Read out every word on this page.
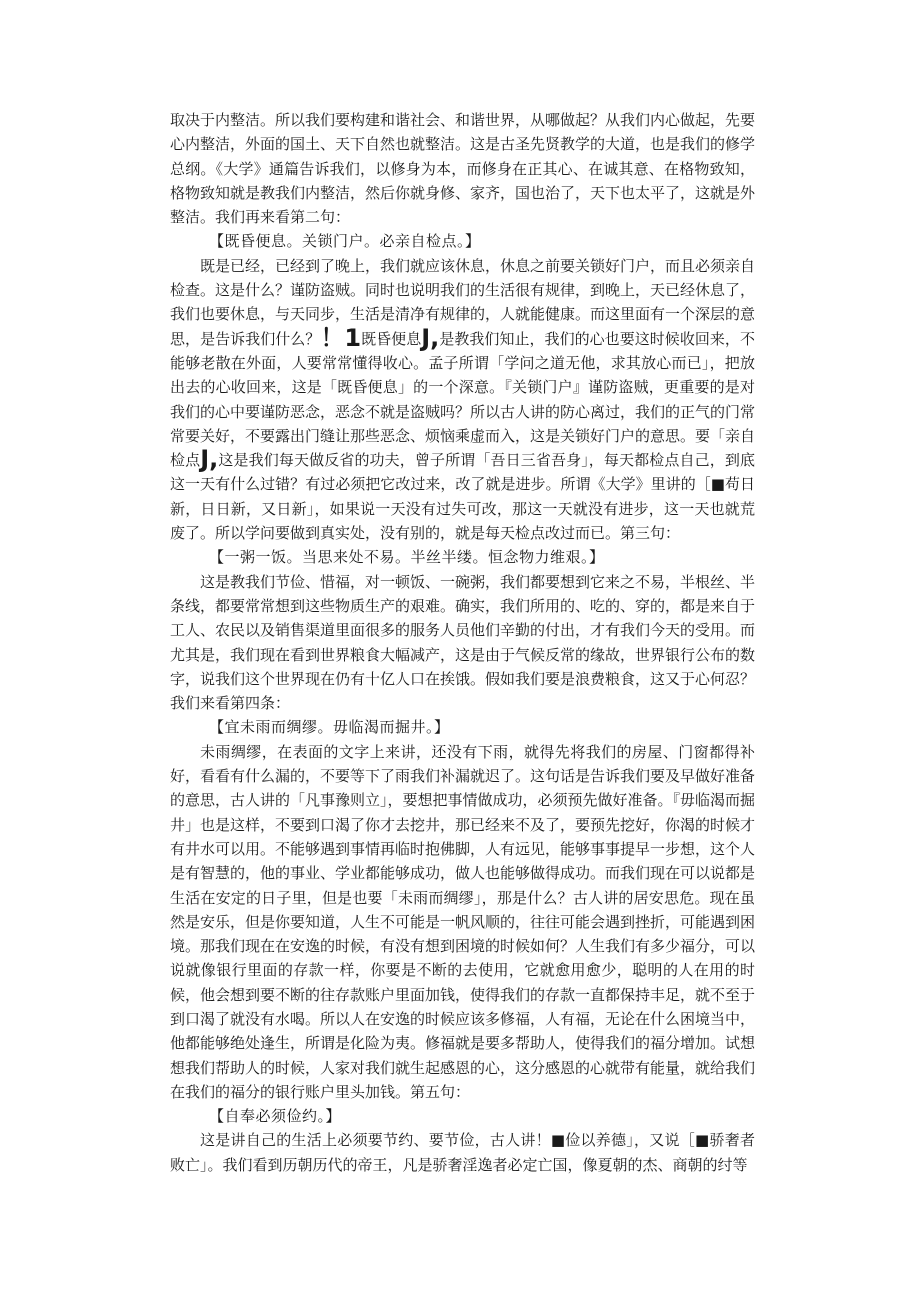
取决于内整洁。所以我们要构建和谐社会、和谐世界，从哪做起？从我们内心做起，先要心内整洁，外面的国土、天下自然也就整洁。这是古圣先贤教学的大道，也是我们的修学总纲。《大学》通篇告诉我们，以修身为本，而修身在正其心、在诚其意、在格物致知，格物致知就是教我们内整洁，然后你就身修、家齐，国也治了，天下也太平了，这就是外整洁。我们再来看第二句：

【既昏便息。关锁门户。必亲自检点。】

既是已经，已经到了晚上，我们就应该休息，休息之前要关锁好门户，而且必须亲自检查。这是什么？谨防盗贼。同时也说明我们的生活很有规律，到晚上，天已经休息了，我们也要休息，与天同步，生活是清净有规律的，人就能健康。而这里面有一个深层的意思，是告诉我们什么？！1既昏便息J,是教我们知止，我们的心也要这时候收回来，不能够老散在外面，人要常常懂得收心。孟子所谓「学问之道无他，求其放心而已」，把放出去的心收回来，这是「既昏便息」的一个深意。『关锁门户』谨防盗贼，更重要的是对我们的心中要谨防恶念，恶念不就是盗贼吗？所以古人讲的防心离过，我们的正气的门常常要关好，不要露出门缝让那些恶念、烦恼乘虚而入，这是关锁好门户的意思。要「亲自检点J,这是我们每天做反省的功夫，曾子所谓「吾日三省吾身」，每天都检点自己，到底这一天有什么过错？有过必须把它改过来，改了就是进步。所谓《大学》里讲的［■苟日新，日日新，又日新」，如果说一天没有过失可改，那这一天就没有进步，这一天也就荒废了。所以学问要做到真实处，没有别的，就是每天检点改过而已。第三句：

【一粥一饭。当思来处不易。半丝半缕。恒念物力维艰。】

这是教我们节俭、惜福，对一顿饭、一碗粥，我们都要想到它来之不易，半根丝、半条线，都要常常想到这些物质生产的艰难。确实，我们所用的、吃的、穿的，都是来自于工人、农民以及销售渠道里面很多的服务人员他们辛勤的付出，才有我们今天的受用。而尤其是，我们现在看到世界粮食大幅减产，这是由于气候反常的缘故，世界银行公布的数字，说我们这个世界现在仍有十亿人口在挨饿。假如我们要是浪费粮食，这又于心何忍？我们来看第四条：

【宜未雨而绸缪。毋临渴而掘井。】

未雨绸缪，在表面的文字上来讲，还没有下雨，就得先将我们的房屋、门窗都得补好，看看有什么漏的，不要等下了雨我们补漏就迟了。这句话是告诉我们要及早做好准备的意思，古人讲的「凡事豫则立」，要想把事情做成功，必须预先做好准备。『毋临渴而掘井」也是这样，不要到口渴了你才去挖井，那已经来不及了，要预先挖好，你渴的时候才有井水可以用。不能够遇到事情再临时抱佛脚，人有远见，能够事事提早一步想，这个人是有智慧的，他的事业、学业都能够成功，做人也能够做得成功。而我们现在可以说都是生活在安定的日子里，但是也要「未雨而绸缪」，那是什么？古人讲的居安思危。现在虽然是安乐，但是你要知道，人生不可能是一帆风顺的，往往可能会遇到挫折，可能遇到困境。那我们现在在安逸的时候，有没有想到困境的时候如何？人生我们有多少福分，可以说就像银行里面的存款一样，你要是不断的去使用，它就愈用愈少，聪明的人在用的时候，他会想到要不断的往存款账户里面加钱，使得我们的存款一直都保持丰足，就不至于到口渴了就没有水喝。所以人在安逸的时候应该多修福，人有福，无论在什么困境当中，他都能够绝处逢生，所谓是化险为夷。修福就是要多帮助人，使得我们的福分增加。试想想我们帮助人的时候，人家对我们就生起感恩的心，这分感恩的心就带有能量，就给我们在我们的福分的银行账户里头加钱。第五句：

【自奉必须俭约。】

这是讲自己的生活上必须要节约、要节俭，古人讲！■俭以养德」，又说［■骄奢者败亡」。我们看到历朝历代的帝王，凡是骄奢淫逸者必定亡国，像夏朝的杰、商朝的纣等
